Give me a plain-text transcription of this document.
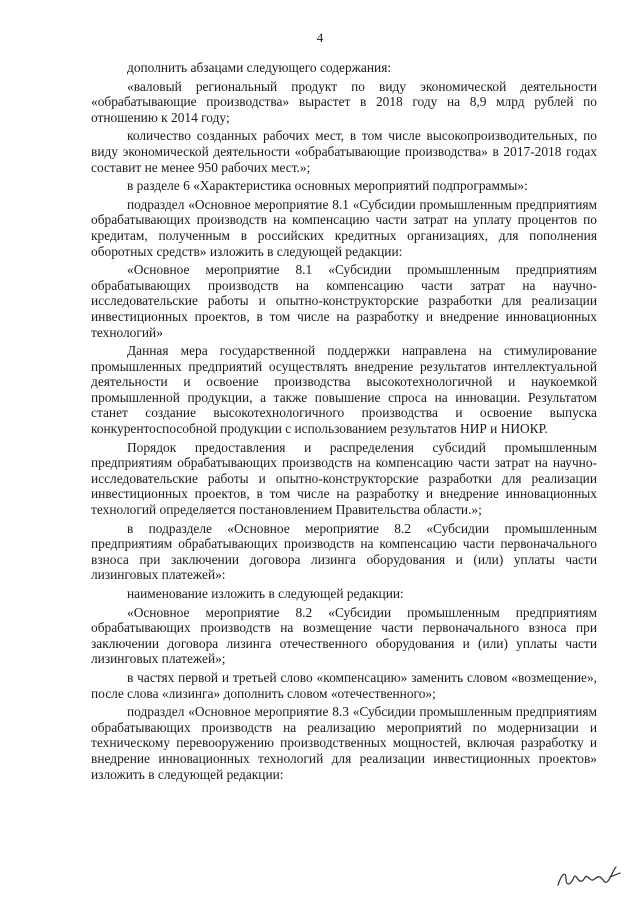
4

дополнить абзацами следующего содержания:

«валовый региональный продукт по виду экономической деятельности «обрабатывающие производства» вырастет в 2018 году на 8,9 млрд рублей по отношению к 2014 году;

количество созданных рабочих мест, в том числе высокопроизводительных, по виду экономической деятельности «обрабатывающие производства» в 2017-2018 годах составит не менее 950 рабочих мест.»;

в разделе 6 «Характеристика основных мероприятий подпрограммы»:

подраздел «Основное мероприятие 8.1 «Субсидии промышленным предприятиям обрабатывающих производств на компенсацию части затрат на уплату процентов по кредитам, полученным в российских кредитных организациях, для пополнения оборотных средств» изложить в следующей редакции:

«Основное мероприятие 8.1 «Субсидии промышленным предприятиям обрабатывающих производств на компенсацию части затрат на научно-исследовательские работы и опытно-конструкторские разработки для реализации инвестиционных проектов, в том числе на разработку и внедрение инновационных технологий»

Данная мера государственной поддержки направлена на стимулирование промышленных предприятий осуществлять внедрение результатов интеллектуальной деятельности и освоение производства высокотехнологичной и наукоемкой промышленной продукции, а также повышение спроса на инновации. Результатом станет создание высокотехнологичного производства и освоение выпуска конкурентоспособной продукции с использованием результатов НИР и НИОКР.

Порядок предоставления и распределения субсидий промышленным предприятиям обрабатывающих производств на компенсацию части затрат на научно-исследовательские работы и опытно-конструкторские разработки для реализации инвестиционных проектов, в том числе на разработку и внедрение инновационных технологий определяется постановлением Правительства области.»;

в подразделе «Основное мероприятие 8.2 «Субсидии промышленным предприятиям обрабатывающих производств на компенсацию части первоначального взноса при заключении договора лизинга оборудования и (или) уплаты части лизинговых платежей»:

наименование изложить в следующей редакции:

«Основное мероприятие 8.2 «Субсидии промышленным предприятиям обрабатывающих производств на возмещение части первоначального взноса при заключении договора лизинга отечественного оборудования и (или) уплаты части лизинговых платежей»;

в частях первой и третьей слово «компенсацию» заменить словом «возмещение», после слова «лизинга» дополнить словом «отечественного»;

подраздел «Основное мероприятие 8.3 «Субсидии промышленным предприятиям обрабатывающих производств на реализацию мероприятий по модернизации и техническому перевооружению производственных мощностей, включая разработку и внедрение инновационных технологий для реализации инвестиционных проектов» изложить в следующей редакции:
